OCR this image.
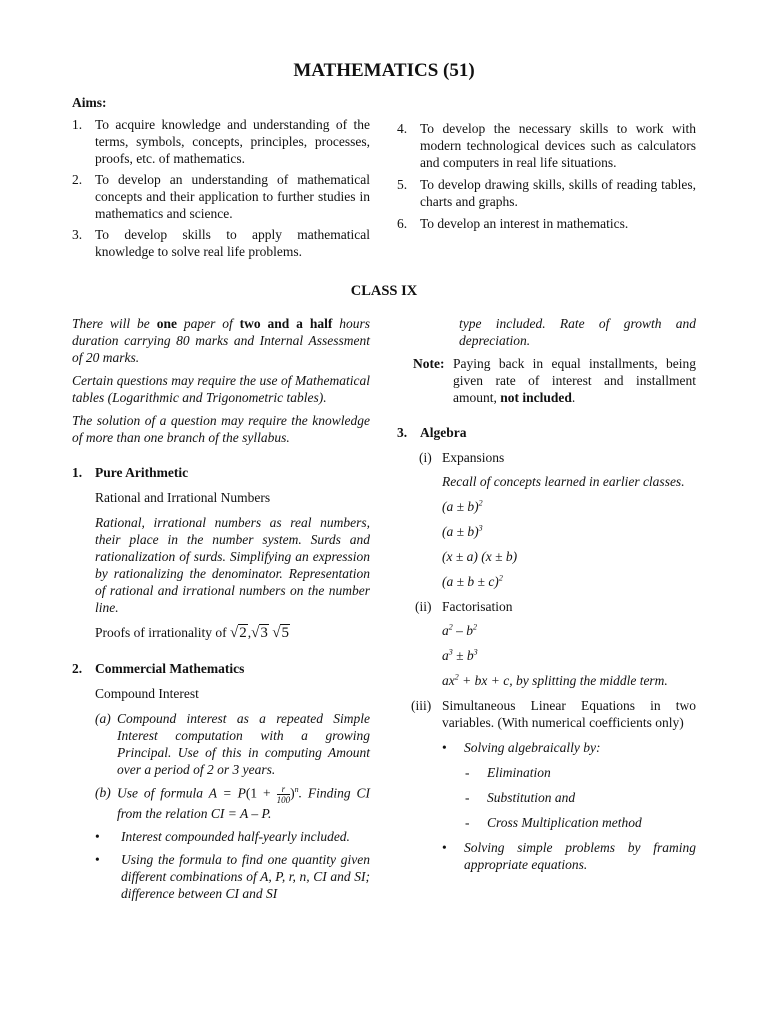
MATHEMATICS (51)
Aims:
1. To acquire knowledge and understanding of the terms, symbols, concepts, principles, processes, proofs, etc. of mathematics.
2. To develop an understanding of mathematical concepts and their application to further studies in mathematics and science.
3. To develop skills to apply mathematical knowledge to solve real life problems.
4. To develop the necessary skills to work with modern technological devices such as calculators and computers in real life situations.
5. To develop drawing skills, skills of reading tables, charts and graphs.
6. To develop an interest in mathematics.
CLASS IX

There will be one paper of two and a half hours duration carrying 80 marks and Internal Assessment of 20 marks.

Certain questions may require the use of Mathematical tables (Logarithmic and Trigonometric tables).

The solution of a question may require the knowledge of more than one branch of the syllabus.

1. Pure Arithmetic
Rational and Irrational Numbers

Rational, irrational numbers as real numbers, their place in the number system. Surds and rationalization of surds. Simplifying an expression by rationalizing the denominator. Representation of rational and irrational numbers on the number line.

Proofs of irrationality of √2,√3 √5
2. Commercial Mathematics
Compound Interest
(a) Compound interest as a repeated Simple Interest computation with a growing Principal. Use of this in computing Amount over a period of 2 or 3 years.
(b) Use of formula $A = P(1 + \frac{r}{100} )^n$. Finding CI from the relation CI = A – P.
• Interest compounded half-yearly included.
• Using the formula to find one quantity given different combinations of A, P, r, n, CI and SI; difference between CI and SI

type included. Rate of growth and depreciation.

Note: Paying back in equal installments, being given rate of interest and installment amount, not included.
3. Algebra
(i) Expansions
Recall of concepts learned in earlier classes.
$(a \pm b)^2$
$(a \pm b)^3$
(x ± a) (x ± b)
$(a \pm b \pm c)^2$
(ii) Factorisation
$a^2 - b^2$
$a^3 \pm b^3$
$ax^2$ + bx + c, by splitting the middle term.
(iii) Simultaneous Linear Equations in two variables. (With numerical coefficients only)
• Solving algebraically by:
- Elimination
- Substitution and
- Cross Multiplication method
• Solving simple problems by framing appropriate equations.
